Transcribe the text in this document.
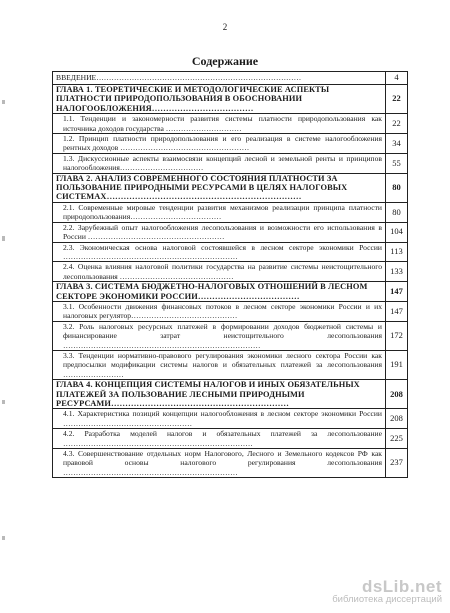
2
Содержание
ВВЕДЕНИЕ………………………………………………………………………	4
ГЛАВА 1. ТЕОРЕТИЧЕСКИЕ И МЕТОДОЛОГИЧЕСКИЕ АСПЕКТЫ ПЛАТНОСТИ ПРИРОДОПОЛЬЗОВАНИЯ В ОБОСНОВАНИИ НАЛОГООБЛОЖЕНИЯ………………………………	22
1.1. Тенденции и закономерности развития системы платности природопользования как источника доходов государства …………………………	22
1.2. Принцип платности природопользования и его реализация в системе налогообложения рентных доходов ……………………………………………	34
1.3. Дискуссионные аспекты взаимосвязи концепций лесной и земельной ренты и принципов налогообложения……………………………	55
ГЛАВА 2. АНАЛИЗ СОВРЕМЕННОГО СОСТОЯНИЯ ПЛАТНОСТИ ЗА ПОЛЬЗОВАНИЕ ПРИРОДНЫМИ РЕСУРСАМИ В ЦЕЛЯХ НАЛОГОВЫХ СИСТЕМАХ……………………………………………………………	80
2.1. Современные мировые тенденции развития механизмов реализации принципа платности природопользования………………………………	80
2.2. Зарубежный опыт налогообложения лесопользования и возможности его использования в России ………………………………………………	104
2.3. Экономическая основа налоговой состоявшейся в лесном секторе экономики России ……………………………………………………………	113
2.4. Оценка влияния налоговой политики государства на развитие системы неистощительного лесопользования ………………………………………	133
ГЛАВА 3. СИСТЕМА БЮДЖЕТНО-НАЛОГОВЫХ ОТНОШЕНИЙ В ЛЕСНОМ СЕКТОРЕ ЭКОНОМИКИ РОССИИ………………………………	147
3.1. Особенности движения финансовых потоков в лесном секторе экономики России и их налоговых регулятор……………………………………	147
3.2. Роль налоговых ресурсных платежей в формировании доходов бюджетной системы и финансирование затрат неистощительного лесопользования ……………………………………………………………………	172
3.3. Тенденции нормативно-правового регулирования экономики лесного сектора России как предпосылки модификации системы налогов и обязательных платежей за лесопользования ……………………	191
ГЛАВА 4. КОНЦЕПЦИЯ СИСТЕМЫ НАЛОГОВ И ИНЫХ ОБЯЗАТЕЛЬНЫХ ПЛАТЕЖЕЙ ЗА ПОЛЬЗОВАНИЕ ЛЕСНЫМИ ПРИРОДНЫМИ РЕСУРСАМИ………………………………………………………	208
4.1. Характеристика позиций концепции налогообложения в лесном секторе экономики России ……………………………………………	208
4.2. Разработка моделей налогов и обязательных платежей за лесопользование …………………………………………………………………	225
4.3. Совершенствование отдельных норм Налогового, Лесного и Земельного кодексов РФ как правовой основы налогового регулирования лесопользования ……………………………………………………………	237
dsLib.net
библиотека диссертаций
